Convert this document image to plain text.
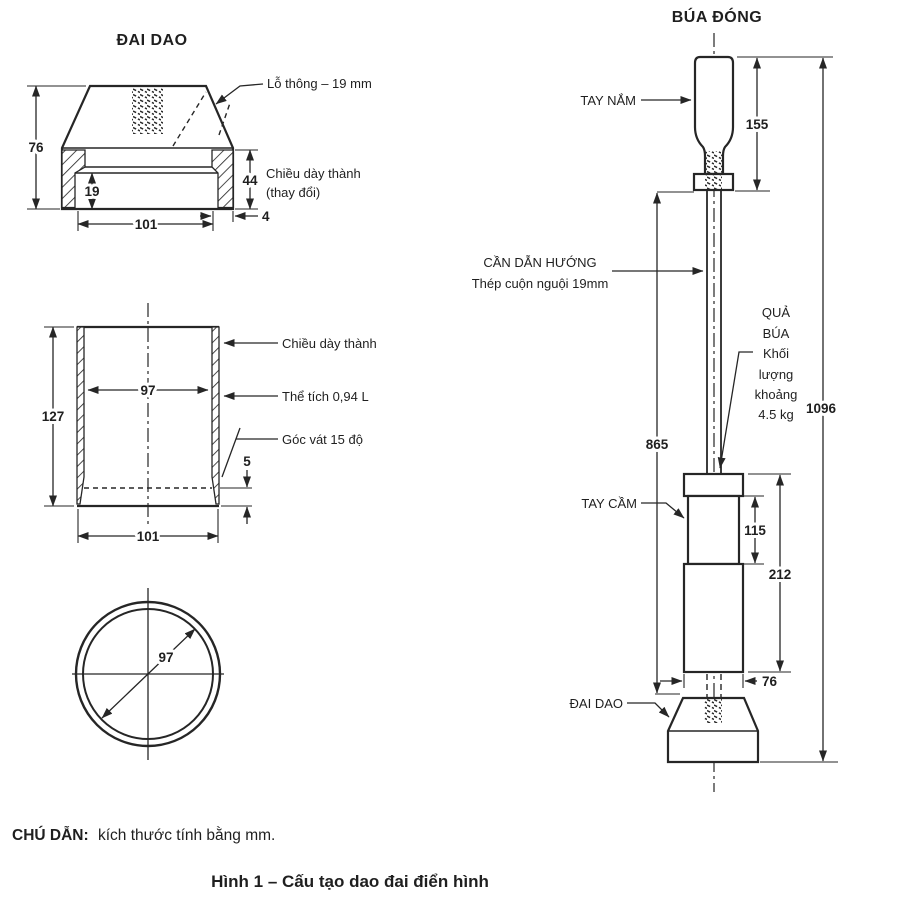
ĐAI DAO
76
19
44
101
4
Lỗ thông – 19 mm
Chiều dày thành
(thay đổi)
97
127
101
5
Chiều dày thành
Thể tích 0,94 L
Góc vát 15 độ
97
BÚA ĐÓNG
155
1096
865
115
212
76
TAY NẮM
CẦN DẪN HƯỚNG
Thép cuộn nguội 19mm
QUẢ
BÚA
Khối
lượng
khoảng
4.5 kg
TAY CẦM
ĐAI DAO
CHÚ DẪN: kích thước tính bằng mm.
Hình 1 – Cấu tạo dao đai điển hình
